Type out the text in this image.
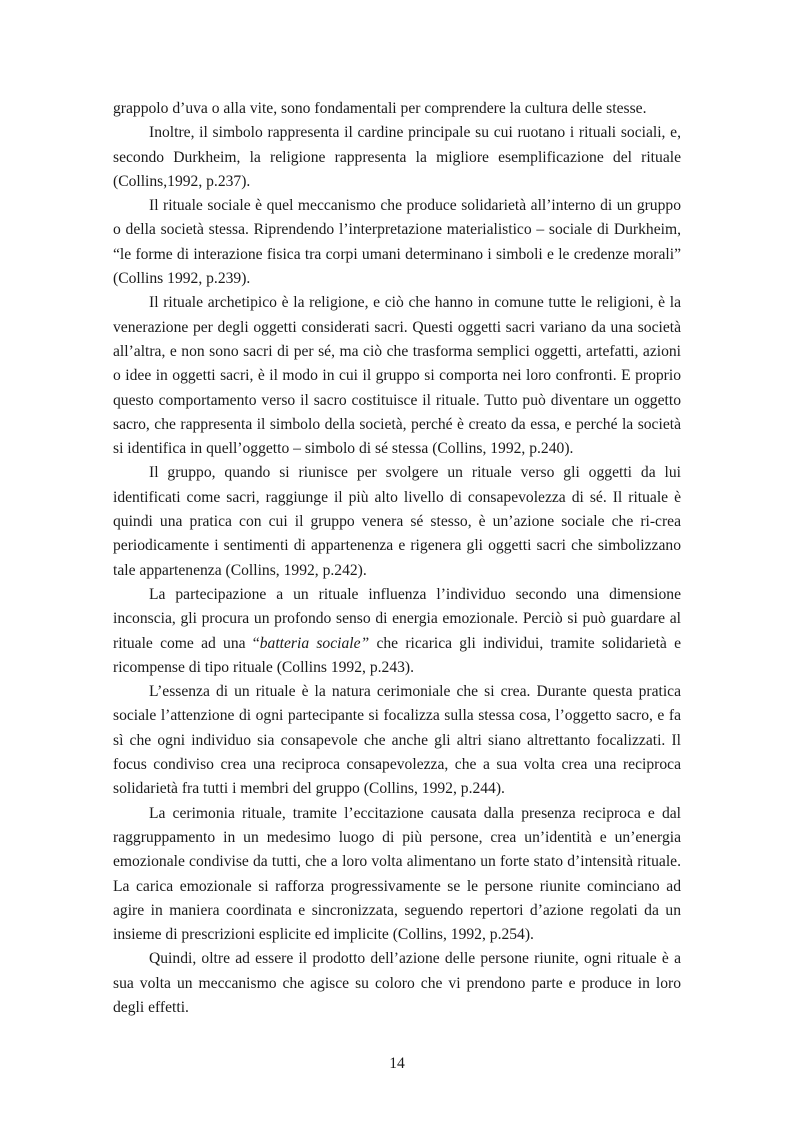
grappolo d’uva o alla vite, sono fondamentali per comprendere la cultura delle stesse.

Inoltre, il simbolo rappresenta il cardine principale su cui ruotano i rituali sociali, e, secondo Durkheim, la religione rappresenta la migliore esemplificazione del rituale (Collins,1992, p.237).

Il rituale sociale è quel meccanismo che produce solidarietà all’interno di un gruppo o della società stessa. Riprendendo l’interpretazione materialistico – sociale di Durkheim, “le forme di interazione fisica tra corpi umani determinano i simboli e le credenze morali” (Collins 1992, p.239).

Il rituale archetipico è la religione, e ciò che hanno in comune tutte le religioni, è la venerazione per degli oggetti considerati sacri. Questi oggetti sacri variano da una società all’altra, e non sono sacri di per sé, ma ciò che trasforma semplici oggetti, artefatti, azioni o idee in oggetti sacri, è il modo in cui il gruppo si comporta nei loro confronti. E proprio questo comportamento verso il sacro costituisce il rituale. Tutto può diventare un oggetto sacro, che rappresenta il simbolo della società, perché è creato da essa, e perché la società si identifica in quell’oggetto – simbolo di sé stessa (Collins, 1992, p.240).

Il gruppo, quando si riunisce per svolgere un rituale verso gli oggetti da lui identificati come sacri, raggiunge il più alto livello di consapevolezza di sé. Il rituale è quindi una pratica con cui il gruppo venera sé stesso, è un’azione sociale che ri-crea periodicamente i sentimenti di appartenenza e rigenera gli oggetti sacri che simbolizzano tale appartenenza (Collins, 1992, p.242).

La partecipazione a un rituale influenza l’individuo secondo una dimensione inconscia, gli procura un profondo senso di energia emozionale. Perciò si può guardare al rituale come ad una “batteria sociale” che ricarica gli individui, tramite solidarietà e ricompense di tipo rituale (Collins 1992, p.243).

L’essenza di un rituale è la natura cerimoniale che si crea. Durante questa pratica sociale l’attenzione di ogni partecipante si focalizza sulla stessa cosa, l’oggetto sacro, e fa sì che ogni individuo sia consapevole che anche gli altri siano altrettanto focalizzati. Il focus condiviso crea una reciproca consapevolezza, che a sua volta crea una reciproca solidarietà fra tutti i membri del gruppo (Collins, 1992, p.244).

La cerimonia rituale, tramite l’eccitazione causata dalla presenza reciproca e dal raggruppamento in un medesimo luogo di più persone, crea un’identità e un’energia emozionale condivise da tutti, che a loro volta alimentano un forte stato d’intensità rituale. La carica emozionale si rafforza progressivamente se le persone riunite cominciano ad agire in maniera coordinata e sincronizzata, seguendo repertori d’azione regolati da un insieme di prescrizioni esplicite ed implicite (Collins, 1992, p.254).

Quindi, oltre ad essere il prodotto dell’azione delle persone riunite, ogni rituale è a sua volta un meccanismo che agisce su coloro che vi prendono parte e produce in loro degli effetti.

14
